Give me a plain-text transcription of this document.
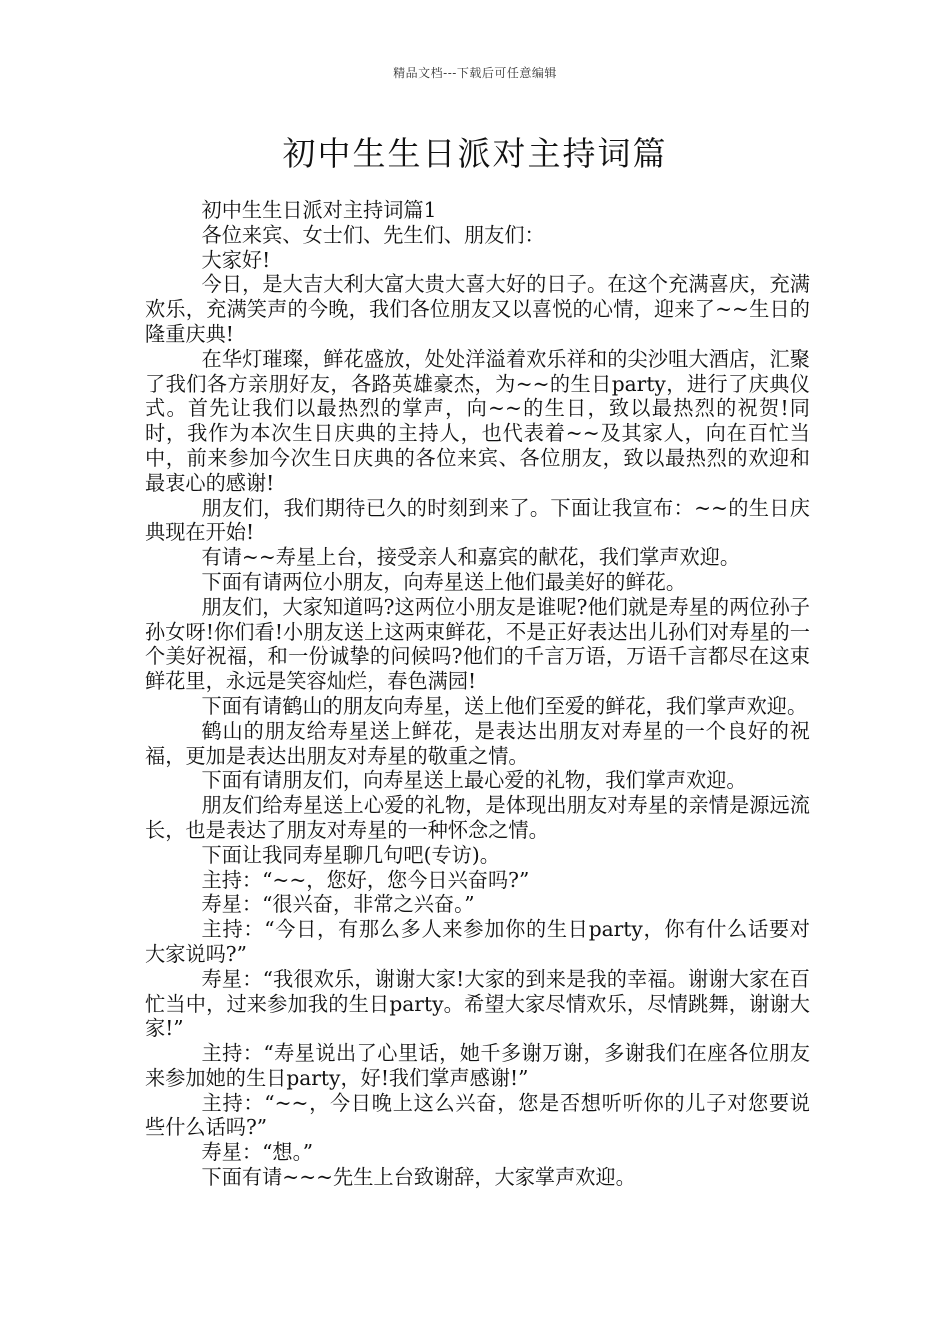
精品文档---下载后可任意编辑
初中生生日派对主持词篇

初中生生日派对主持词篇1

各位来宾、女士们、先生们、朋友们：

大家好!

今日，是大吉大利大富大贵大喜大好的日子。在这个充满喜庆，充满欢乐，充满笑声的今晚，我们各位朋友又以喜悦的心情，迎来了~~生日的隆重庆典!

在华灯璀璨，鲜花盛放，处处洋溢着欢乐祥和的尖沙咀大酒店，汇聚了我们各方亲朋好友，各路英雄豪杰，为~~的生日party，进行了庆典仪式。首先让我们以最热烈的掌声，向~~的生日，致以最热烈的祝贺!同时，我作为本次生日庆典的主持人，也代表着~~及其家人，向在百忙当中，前来参加今次生日庆典的各位来宾、各位朋友，致以最热烈的欢迎和最衷心的感谢!

朋友们，我们期待已久的时刻到来了。下面让我宣布：~~的生日庆典现在开始!

有请~~寿星上台，接受亲人和嘉宾的献花，我们掌声欢迎。

下面有请两位小朋友，向寿星送上他们最美好的鲜花。

朋友们，大家知道吗?这两位小朋友是谁呢?他们就是寿星的两位孙子孙女呀!你们看!小朋友送上这两束鲜花，不是正好表达出儿孙们对寿星的一个美好祝福，和一份诚挚的问候吗?他们的千言万语，万语千言都尽在这束鲜花里，永远是笑容灿烂，春色满园!

下面有请鹤山的朋友向寿星，送上他们至爱的鲜花，我们掌声欢迎。

鹤山的朋友给寿星送上鲜花，是表达出朋友对寿星的一个良好的祝福，更加是表达出朋友对寿星的敬重之情。

下面有请朋友们，向寿星送上最心爱的礼物，我们掌声欢迎。

朋友们给寿星送上心爱的礼物，是体现出朋友对寿星的亲情是源远流长，也是表达了朋友对寿星的一种怀念之情。

下面让我同寿星聊几句吧(专访)。

主持：“~~，您好，您今日兴奋吗?”

寿星：“很兴奋，非常之兴奋。”

主持：“今日，有那么多人来参加你的生日party，你有什么话要对大家说吗?”

寿星：“我很欢乐，谢谢大家!大家的到来是我的幸福。谢谢大家在百忙当中，过来参加我的生日party。希望大家尽情欢乐，尽情跳舞，谢谢大家!”

主持：“寿星说出了心里话，她千多谢万谢，多谢我们在座各位朋友来参加她的生日party，好!我们掌声感谢!”

主持：“~~，今日晚上这么兴奋，您是否想听听你的儿子对您要说些什么话吗?”

寿星：“想。”

下面有请~~~先生上台致谢辞，大家掌声欢迎。
